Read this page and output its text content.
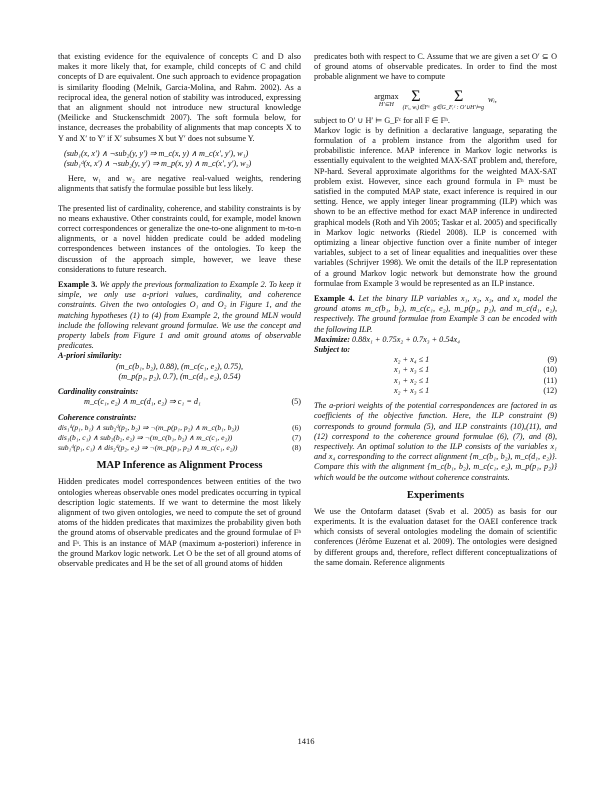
that existing evidence for the equivalence of concepts C and D also makes it more likely that, for example, child concepts of C and child concepts of D are equivalent. One such approach to evidence propagation is similarity flooding (Melnik, Garcia-Molina, and Rahm. 2002). As a reciprocal idea, the general notion of stability was introduced, expressing that an alignment should not introduce new structural knowledge (Meilicke and Stuckenschmidt 2007). The soft formula below, for instance, decreases the probability of alignments that map concepts X to Y and X′ to Y′ if X′ subsumes X but Y′ does not subsume Y.

(sub₁(x, x′) ∧ ¬sub₂(y, y′) ⇒ m_c(x, y) ∧ m_c(x′, y′), w₁)
(sub₁ᵈ(x, x′) ∧ ¬sub₂(y, y′) ⇒ m_p(x, y) ∧ m_c(x′, y′), w₂)

Here, w₁ and w₂ are negative real-valued weights, rendering alignments that satisfy the formulae possible but less likely.

The presented list of cardinality, coherence, and stability constraints is by no means exhaustive. Other constraints could, for example, model known correct correspondences or generalize the one-to-one alignment to m-to-n alignments, or a novel hidden predicate could be added modeling correspondences between instances of the ontologies. To keep the discussion of the approach simple, however, we leave these considerations to future research.

Example 3. We apply the previous formalization to Example 2. To keep it simple, we only use a-priori values, cardinality, and coherence constraints. Given the two ontologies O₁ and O₂ in Figure 1, and the matching hypotheses (1) to (4) from Example 2, the ground MLN would include the following relevant ground formulae. We use the concept and property labels from Figure 1 and omit ground atoms of observable predicates.

A-priori similarity:

(m_c(b₁, b₂), 0.88), (m_c(c₁, e₂), 0.75),
(m_p(p₁, p₂), 0.7), (m_c(d₁, e₂), 0.54)

Cardinality constraints:

m_c(c₁, e₂) ∧ m_c(d₁, e₂) ⇒ c₁ = d₁	(5)

Coherence constraints:

dis₁ᵈ(p₁, b₁) ∧ sub₂ᵈ(p₂, b₂) ⇒ ¬(m_p(p₁, p₂) ∧ m_c(b₁, b₂))	(6)
dis₁(b₁, c₁) ∧ sub₂(b₂, e₂) ⇒ ¬(m_c(b₁, b₂) ∧ m_c(c₁, e₂))	(7)
sub₁ᵈ(p₁, c₁) ∧ dis₂ᵈ(p₂, e₂) ⇒ ¬(m_p(p₁, p₂) ∧ m_c(c₁, e₂))	(8)
MAP Inference as Alignment Process

Hidden predicates model correspondences between entities of the two ontologies whereas observable ones model predicates occurring in typical description logic statements. If we want to determine the most likely alignment of two given ontologies, we need to compute the set of ground atoms of the hidden predicates that maximizes the probability given both the ground atoms of observable predicates and the ground formulae of Fʰ and Fˢ. This is an instance of MAP (maximum a-posteriori) inference in the ground Markov logic network. Let O be the set of all ground atoms of observable predicates and H be the set of all ground atoms of hidden

predicates both with respect to C. Assume that we are given a set O′ ⊆ O of ground atoms of observable predicates. In order to find the most probable alignment we have to compute

argmax
H′⊆H
Σ
(Fᵢ, wᵢ)∈Fˢ
Σ
g∈G_Fᵢᶜ : O′∪H′⊨g
wᵢ,

subject to O′ ∪ H′ ⊨ G_Fᶜ for all F ∈ Fʰ.

Markov logic is by definition a declarative language, separating the formulation of a problem instance from the algorithm used for probabilistic inference. MAP inference in Markov logic networks is essentially equivalent to the weighted MAX-SAT problem and, therefore, NP-hard. Several approximate algorithms for the weighted MAX-SAT problem exist. However, since each ground formula in Fʰ must be satisfied in the computed MAP state, exact inference is required in our setting. Hence, we apply integer linear programming (ILP) which was shown to be an effective method for exact MAP inference in undirected graphical models (Roth and Yih 2005; Taskar et al. 2005) and specifically in Markov logic networks (Riedel 2008). ILP is concerned with optimizing a linear objective function over a finite number of integer variables, subject to a set of linear equalities and inequalities over these variables (Schrijver 1998). We omit the details of the ILP representation of a ground Markov logic network but demonstrate how the ground formulae from Example 3 would be represented as an ILP instance.

Example 4. Let the binary ILP variables x₁, x₂, x₃, and x₄ model the ground atoms m_c(b₁, b₂), m_c(c₁, e₂), m_p(p₁, p₂), and m_c(d₁, e₂), respectively. The ground formulae from Example 3 can be encoded with the following ILP.

Maximize: 0.88x₁ + 0.75x₂ + 0.7x₃ + 0.54x₄

Subject to:

x₂ + x₄ ≤ 1	(9)
x₁ + x₃ ≤ 1	(10)
x₁ + x₂ ≤ 1	(11)
x₂ + x₃ ≤ 1	(12)

The a-priori weights of the potential correspondences are factored in as coefficients of the objective function. Here, the ILP constraint (9) corresponds to ground formula (5), and ILP constraints (10),(11), and (12) correspond to the coherence ground formulae (6), (7), and (8), respectively. An optimal solution to the ILP consists of the variables x₁ and x₄ corresponding to the correct alignment {m_c(b₁, b₂), m_c(d₁, e₂)}. Compare this with the alignment {m_c(b₁, b₂), m_c(c₁, e₂), m_p(p₁, p₂)} which would be the outcome without coherence constraints.

Experiments

We use the Ontofarm dataset (Svab et al. 2005) as basis for our experiments. It is the evaluation dataset for the OAEI conference track which consists of several ontologies modeling the domain of scientific conferences (Jérôme Euzenat et al. 2009). The ontologies were designed by different groups and, therefore, reflect different conceptualizations of the same domain. Reference alignments

1416
